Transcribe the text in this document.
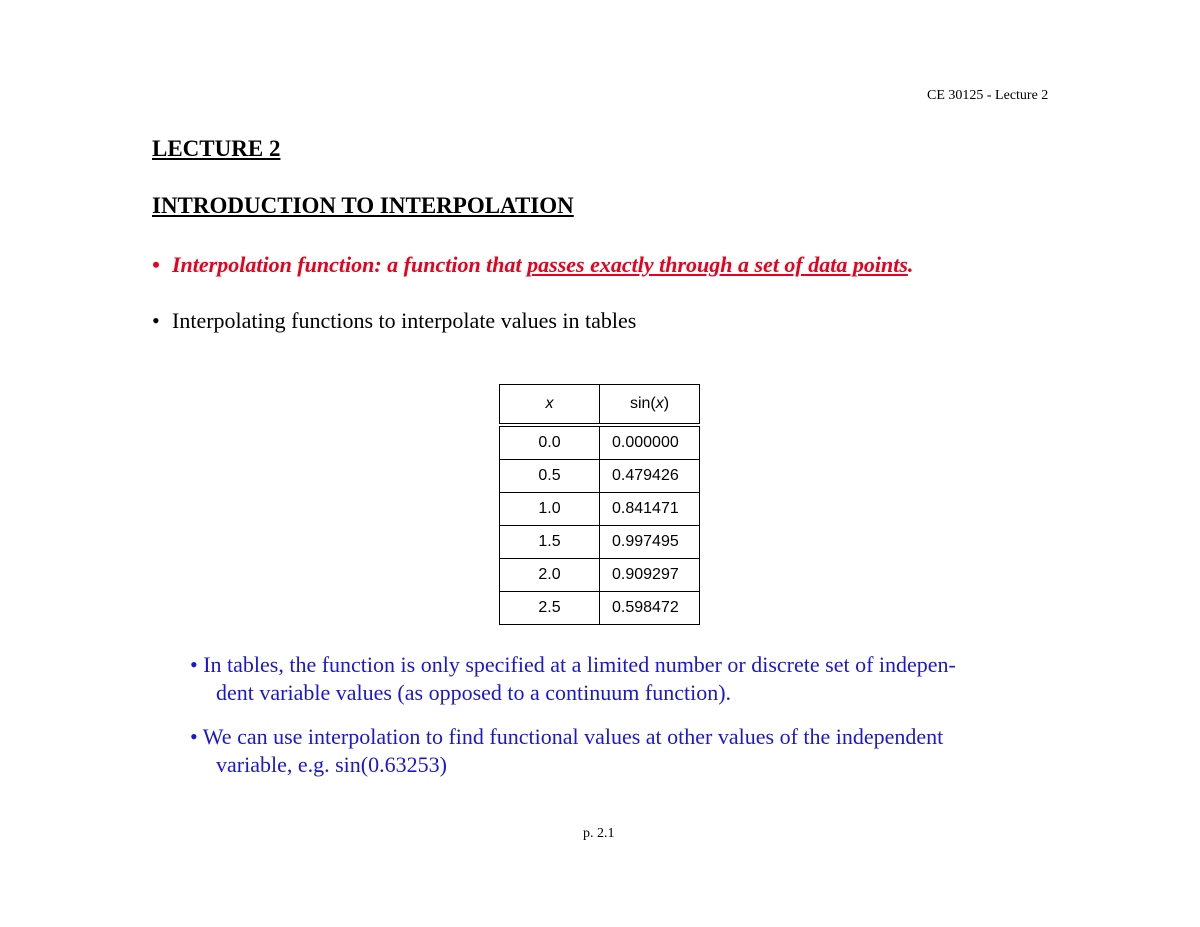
CE 30125 - Lecture 2
LECTURE 2
INTRODUCTION TO INTERPOLATION
• Interpolation function: a function that passes exactly through a set of data points.
• Interpolating functions to interpolate values in tables
x	sin(x)
0.0	0.000000
0.5	0.479426
1.0	0.841471
1.5	0.997495
2.0	0.909297
2.5	0.598472
• In tables, the function is only specified at a limited number or discrete set of indepen-
dent variable values (as opposed to a continuum function).
• We can use interpolation to find functional values at other values of the independent
variable, e.g. sin(0.63253)
p. 2.1
